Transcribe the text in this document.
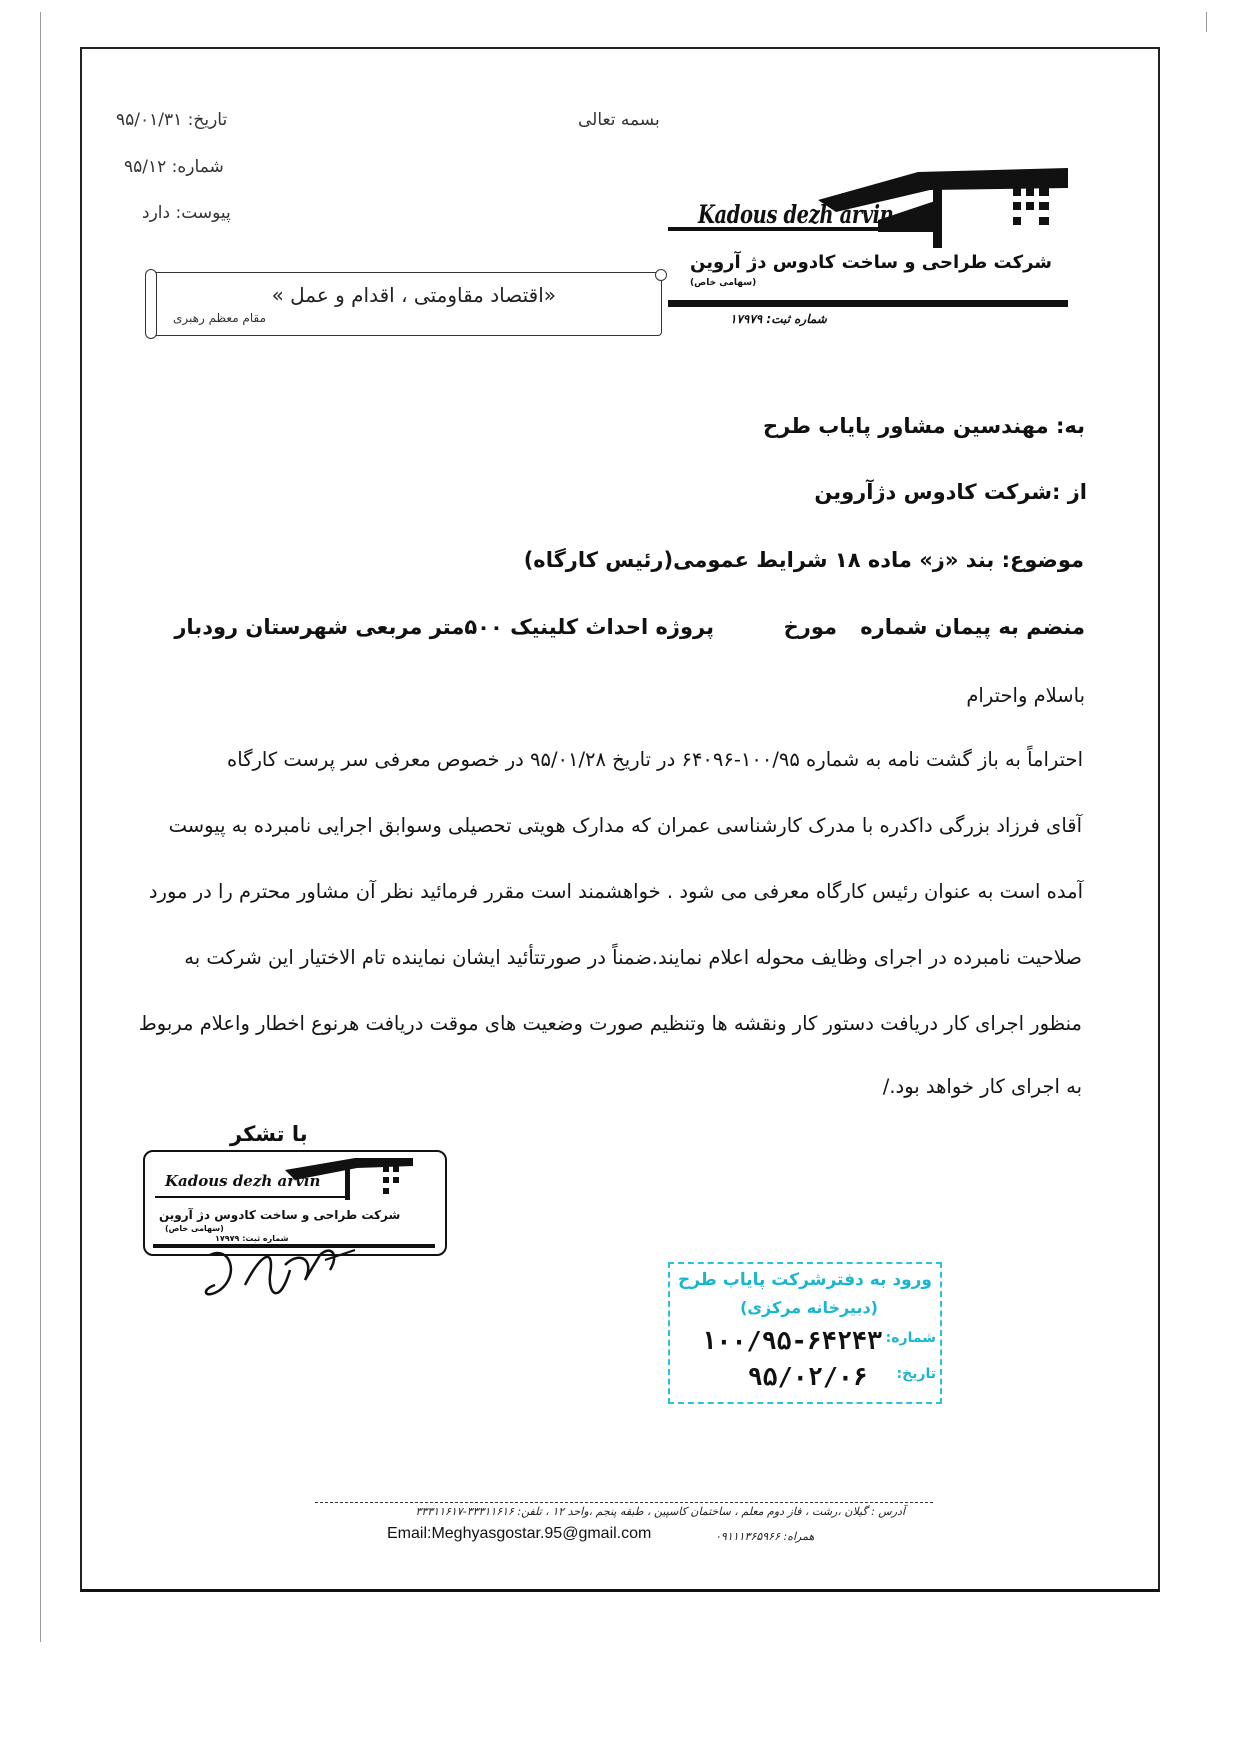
تاریخ: ۹۵/۰۱/۳۱
شماره: ۹۵/۱۲
پیوست: دارد
بسمه تعالی
«اقتصاد مقاومتی ، اقدام و عمل »
مقام معظم رهبری
Kadous dezh arvin
شرکت طراحی و ساخت کادوس دژ آروین
(سهامی خاص)
شماره ثبت: ۱۷۹۷۹
به: مهندسین مشاور پایاب طرح
از :شرکت کادوس دژآروین
موضوع: بند «ز» ماده ۱۸ شرایط عمومی(رئیس کارگاه)
منضم به پیمان شماره
مورخ
پروژه احداث کلینیک ۵۰۰متر مربعی شهرستان رودبار
باسلام واحترام
احتراماً به باز گشت نامه به شماره ۱۰۰/۹۵-۶۴۰۹۶ در تاریخ ۹۵/۰۱/۲۸ در خصوص معرفی سر پرست کارگاه
آقای فرزاد بزرگی داکدره با مدرک کارشناسی عمران که مدارک هویتی تحصیلی وسوابق اجرایی نامبرده به پیوست
آمده است به عنوان رئیس کارگاه معرفی می شود . خواهشمند است مقرر فرمائید نظر آن مشاور محترم را در مورد
صلاحیت نامبرده در اجرای وظایف محوله اعلام نمایند.ضمناً در صورتتأئید ایشان نماینده تام الاختیار این شرکت به
منظور اجرای کار دریافت دستور کار ونقشه ها وتنظیم صورت وضعیت های موقت دریافت هرنوع اخطار واعلام مربوط
به اجرای کار خواهد بود./
با تشکر
Kadous dezh arvin
شرکت طراحی و ساخت کادوس دژ آروین
(سهامی خاص)
شماره ثبت: ۱۷۹۷۹
ورود به دفترشرکت پایاب طرح
(دبیرخانه مرکزی)
شماره:
۱۰۰/۹۵-۶۴۲۴۳
تاریخ:
۹۵/۰۲/۰۶
آدرس : گیلان ،رشت ، فاز دوم معلم ، ساختمان کاسپین ، طبقه پنجم ،واحد ۱۲ ، تلفن: ۳۳۳۱۱۶۱۶-۳۳۳۱۱۶۱۷
Email:Meghyasgostar.95@gmail.com	همراه: ۰۹۱۱۱۳۶۵۹۶۶
